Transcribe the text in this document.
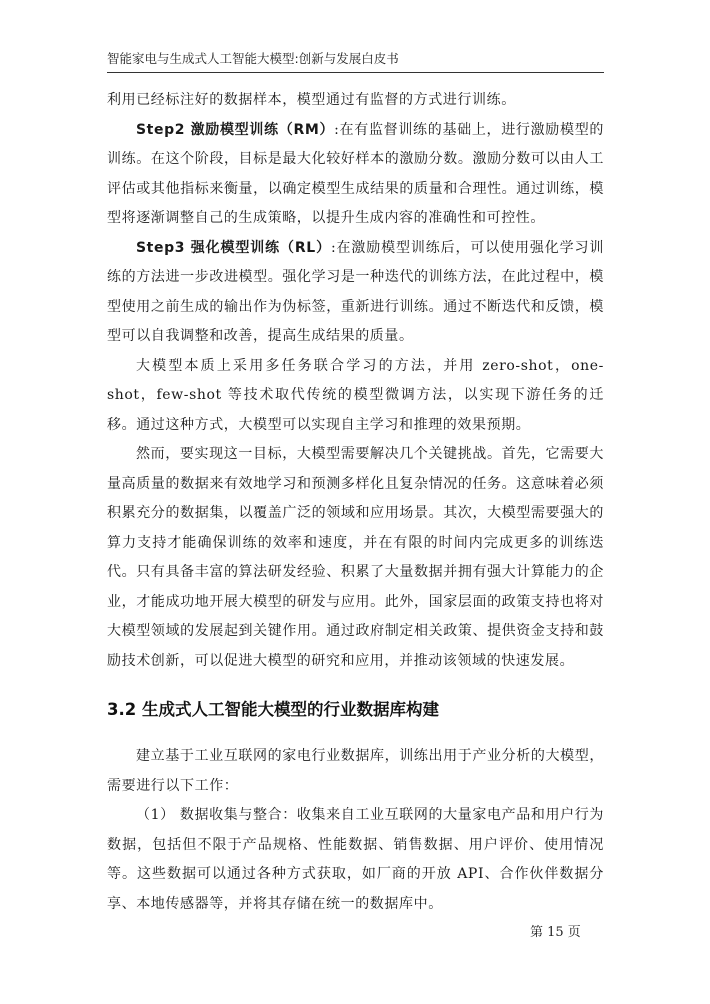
智能家电与生成式人工智能大模型:创新与发展白皮书

利用已经标注好的数据样本，模型通过有监督的方式进行训练。

Step2 激励模型训练（RM）:在有监督训练的基础上，进行激励模型的训练。在这个阶段，目标是最大化较好样本的激励分数。激励分数可以由人工评估或其他指标来衡量，以确定模型生成结果的质量和合理性。通过训练，模型将逐渐调整自己的生成策略，以提升生成内容的准确性和可控性。

Step3 强化模型训练（RL）:在激励模型训练后，可以使用强化学习训练的方法进一步改进模型。强化学习是一种迭代的训练方法，在此过程中，模型使用之前生成的输出作为伪标签，重新进行训练。通过不断迭代和反馈，模型可以自我调整和改善，提高生成结果的质量。

大模型本质上采用多任务联合学习的方法，并用 zero-shot，one-shot，few-shot 等技术取代传统的模型微调方法，以实现下游任务的迁移。通过这种方式，大模型可以实现自主学习和推理的效果预期。

然而，要实现这一目标，大模型需要解决几个关键挑战。首先，它需要大量高质量的数据来有效地学习和预测多样化且复杂情况的任务。这意味着必须积累充分的数据集，以覆盖广泛的领域和应用场景。其次，大模型需要强大的算力支持才能确保训练的效率和速度，并在有限的时间内完成更多的训练迭代。只有具备丰富的算法研发经验、积累了大量数据并拥有强大计算能力的企业，才能成功地开展大模型的研发与应用。此外，国家层面的政策支持也将对大模型领域的发展起到关键作用。通过政府制定相关政策、提供资金支持和鼓励技术创新，可以促进大模型的研究和应用，并推动该领域的快速发展。

3.2 生成式人工智能大模型的行业数据库构建

建立基于工业互联网的家电行业数据库，训练出用于产业分析的大模型，需要进行以下工作：

（1） 数据收集与整合：收集来自工业互联网的大量家电产品和用户行为数据，包括但不限于产品规格、性能数据、销售数据、用户评价、使用情况等。这些数据可以通过各种方式获取，如厂商的开放 API、合作伙伴数据分享、本地传感器等，并将其存储在统一的数据库中。

第 15 页
